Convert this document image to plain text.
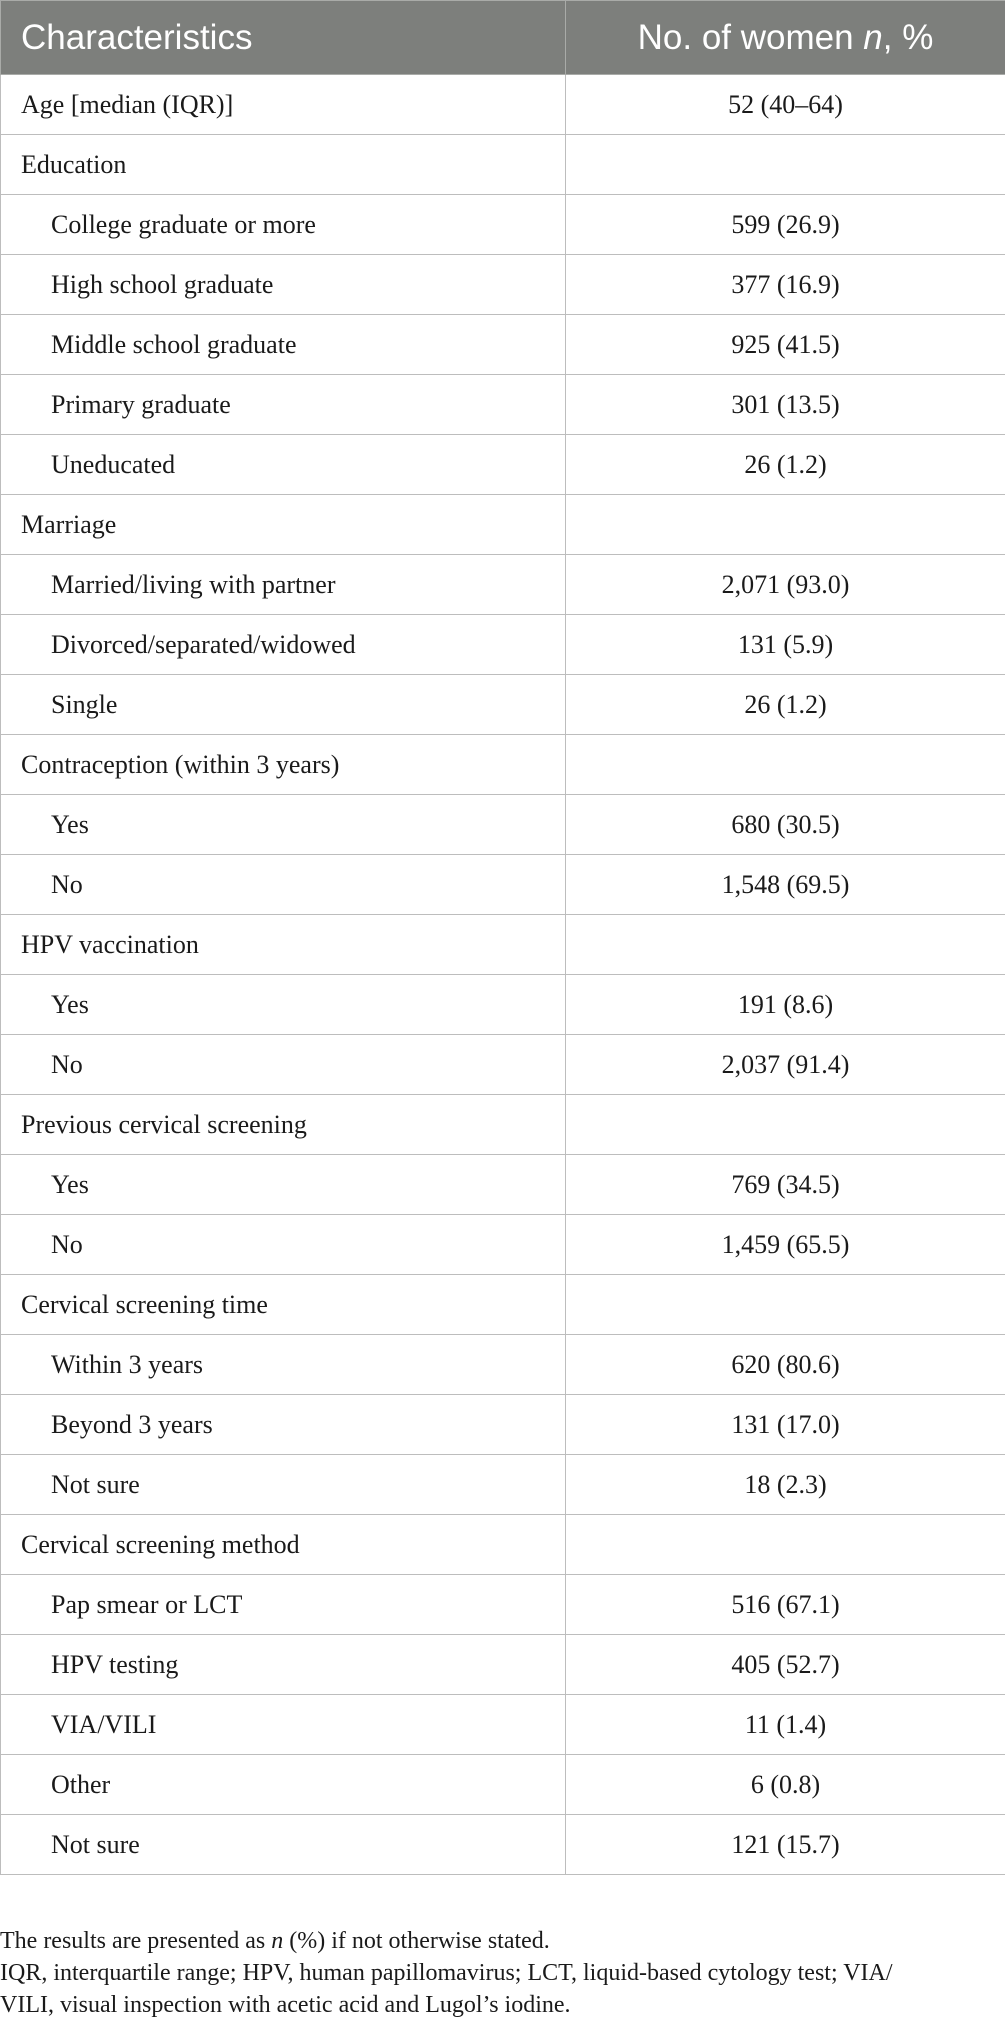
Characteristics	No. of women n, %
Age [median (IQR)]	52 (40–64)
Education	
College graduate or more	599 (26.9)
High school graduate	377 (16.9)
Middle school graduate	925 (41.5)
Primary graduate	301 (13.5)
Uneducated	26 (1.2)
Marriage	
Married/living with partner	2,071 (93.0)
Divorced/separated/widowed	131 (5.9)
Single	26 (1.2)
Contraception (within 3 years)	
Yes	680 (30.5)
No	1,548 (69.5)
HPV vaccination	
Yes	191 (8.6)
No	2,037 (91.4)
Previous cervical screening	
Yes	769 (34.5)
No	1,459 (65.5)
Cervical screening time	
Within 3 years	620 (80.6)
Beyond 3 years	131 (17.0)
Not sure	18 (2.3)
Cervical screening method	
Pap smear or LCT	516 (67.1)
HPV testing	405 (52.7)
VIA/VILI	11 (1.4)
Other	6 (0.8)
Not sure	121 (15.7)

The results are presented as n (%) if not otherwise stated.

IQR, interquartile range; HPV, human papillomavirus; LCT, liquid-based cytology test; VIA/

VILI, visual inspection with acetic acid and Lugol’s iodine.
